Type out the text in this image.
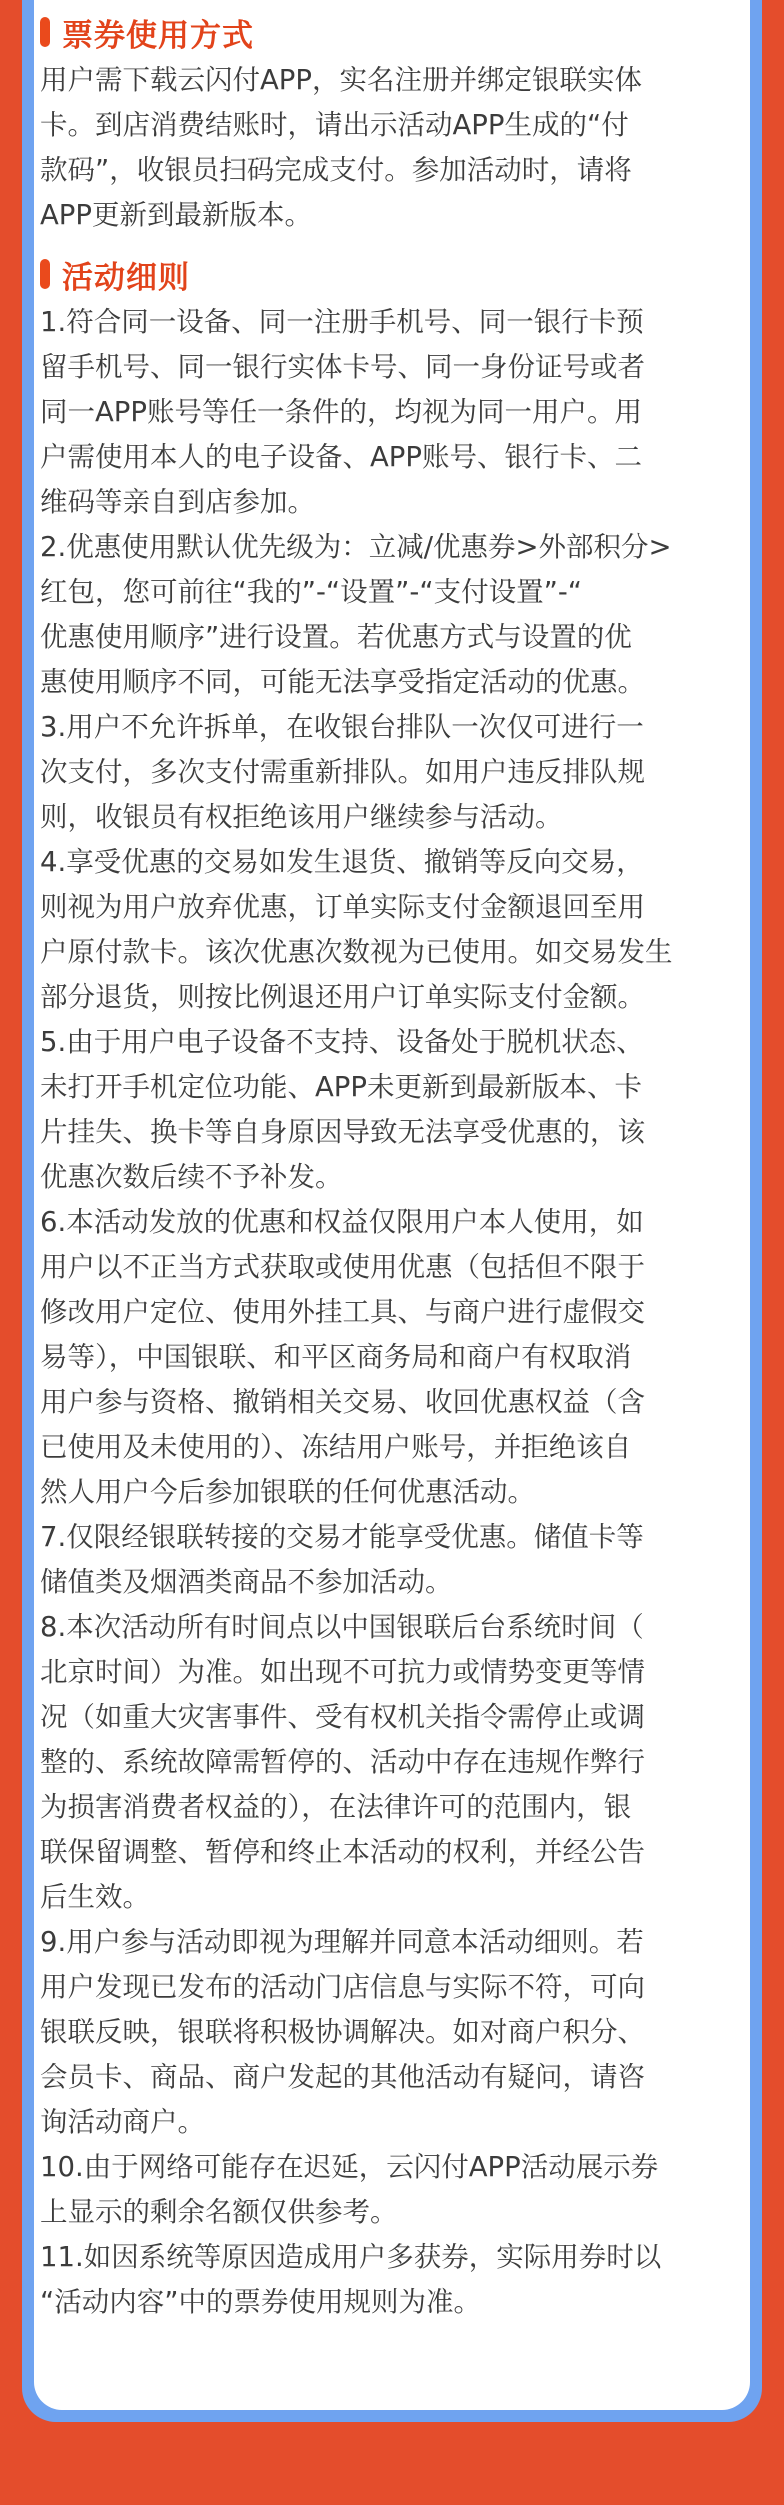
票券使用方式
用户需下载云闪付APP，实名注册并绑定银联实体
卡。到店消费结账时，请出示活动APP生成的“付
款码”，收银员扫码完成支付。参加活动时，请将
APP更新到最新版本。
活动细则
1.符合同一设备、同一注册手机号、同一银行卡预
留手机号、同一银行实体卡号、同一身份证号或者
同一APP账号等任一条件的，均视为同一用户。用
户需使用本人的电子设备、APP账号、银行卡、二
维码等亲自到店参加。
2.优惠使用默认优先级为：立减/优惠券>外部积分>
红包，您可前往“我的”-“设置”-“支付设置”-“
优惠使用顺序”进行设置。若优惠方式与设置的优
惠使用顺序不同，可能无法享受指定活动的优惠。
3.用户不允许拆单，在收银台排队一次仅可进行一
次支付，多次支付需重新排队。如用户违反排队规
则，收银员有权拒绝该用户继续参与活动。
4.享受优惠的交易如发生退货、撤销等反向交易，
则视为用户放弃优惠，订单实际支付金额退回至用
户原付款卡。该次优惠次数视为已使用。如交易发生
部分退货，则按比例退还用户订单实际支付金额。
5.由于用户电子设备不支持、设备处于脱机状态、
未打开手机定位功能、APP未更新到最新版本、卡
片挂失、换卡等自身原因导致无法享受优惠的，该
优惠次数后续不予补发。
6.本活动发放的优惠和权益仅限用户本人使用，如
用户以不正当方式获取或使用优惠（包括但不限于
修改用户定位、使用外挂工具、与商户进行虚假交
易等），中国银联、和平区商务局和商户有权取消
用户参与资格、撤销相关交易、收回优惠权益（含
已使用及未使用的）、冻结用户账号，并拒绝该自
然人用户今后参加银联的任何优惠活动。
7.仅限经银联转接的交易才能享受优惠。储值卡等
储值类及烟酒类商品不参加活动。
8.本次活动所有时间点以中国银联后台系统时间（
北京时间）为准。如出现不可抗力或情势变更等情
况（如重大灾害事件、受有权机关指令需停止或调
整的、系统故障需暂停的、活动中存在违规作弊行
为损害消费者权益的），在法律许可的范围内，银
联保留调整、暂停和终止本活动的权利，并经公告
后生效。
9.用户参与活动即视为理解并同意本活动细则。若
用户发现已发布的活动门店信息与实际不符，可向
银联反映，银联将积极协调解决。如对商户积分、
会员卡、商品、商户发起的其他活动有疑问，请咨
询活动商户。
10.由于网络可能存在迟延，云闪付APP活动展示券
上显示的剩余名额仅供参考。
11.如因系统等原因造成用户多获券，实际用券时以
“活动内容”中的票券使用规则为准。
